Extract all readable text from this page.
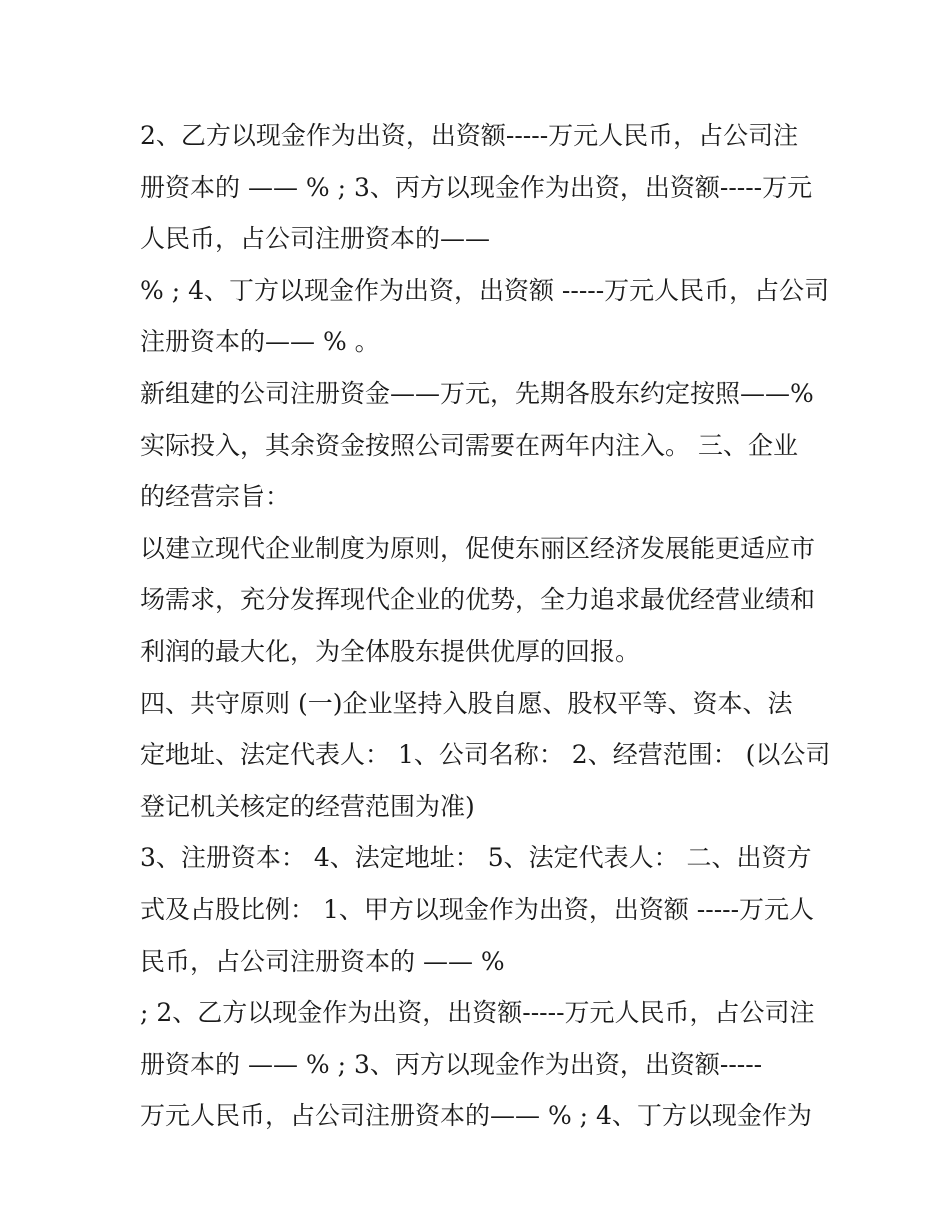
2、乙方以现金作为出资，出资额-----万元人民币，占公司注
册资本的 —— % ; 3、丙方以现金作为出资，出资额-----万元
人民币，占公司注册资本的——
% ; 4、丁方以现金作为出资，出资额 -----万元人民币，占公司
注册资本的—— % 。
新组建的公司注册资金——万元，先期各股东约定按照——%
实际投入，其余资金按照公司需要在两年内注入。 三、企业
的经营宗旨：
以建立现代企业制度为原则，促使东丽区经济发展能更适应市
场需求，充分发挥现代企业的优势，全力追求最优经营业绩和
利润的最大化，为全体股东提供优厚的回报。
四、共守原则 (一)企业坚持入股自愿、股权平等、资本、法
定地址、法定代表人： 1、公司名称： 2、经营范围： (以公司
登记机关核定的经营范围为准)
3、注册资本： 4、法定地址： 5、法定代表人： 二、出资方
式及占股比例： 1、甲方以现金作为出资，出资额 -----万元人
民币，占公司注册资本的 —— %
; 2、乙方以现金作为出资，出资额-----万元人民币，占公司注
册资本的 —— % ; 3、丙方以现金作为出资，出资额-----
万元人民币，占公司注册资本的—— % ; 4、丁方以现金作为
